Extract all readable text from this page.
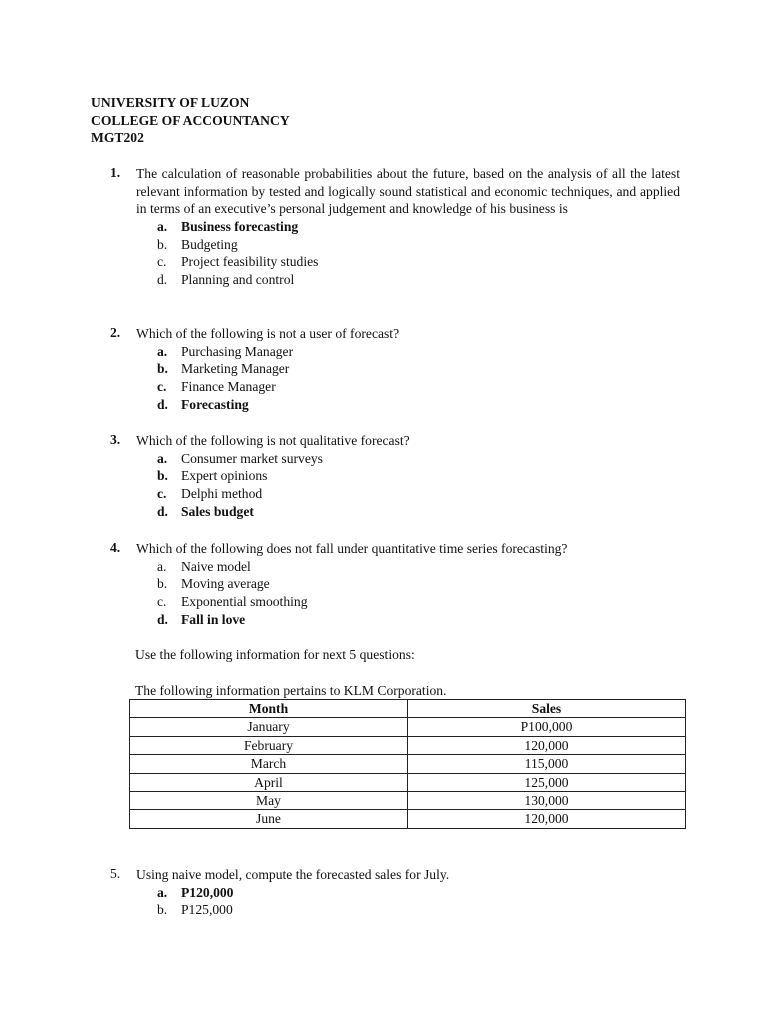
UNIVERSITY OF LUZON
COLLEGE OF ACCOUNTANCY
MGT202
1.	The calculation of reasonable probabilities about the future, based on the analysis of all the latest relevant information by tested and logically sound statistical and economic techniques, and applied in terms of an executive’s personal judgement and knowledge of his business is
a.	Business forecasting
b.	Budgeting
c.	Project feasibility studies
d.	Planning and control
2.	Which of the following is not a user of forecast?
a.	Purchasing Manager
b. Marketing Manager
c.	Finance Manager
d. Forecasting
3.	Which of the following is not qualitative forecast?
a.	Consumer market surveys
b. Expert opinions
c.	Delphi method
d. Sales budget
4.	Which of the following does not fall under quantitative time series forecasting?
a.	Naive model
b.	Moving average
c.	Exponential smoothing
d. Fall in love
Use the following information for next 5 questions:
The following information pertains to KLM Corporation.
Month	Sales
January	P100,000
February	120,000
March	115,000
April	125,000
May	130,000
June	120,000
5.	Using naive model, compute the forecasted sales for July.
a.	P120,000
b.	P125,000
